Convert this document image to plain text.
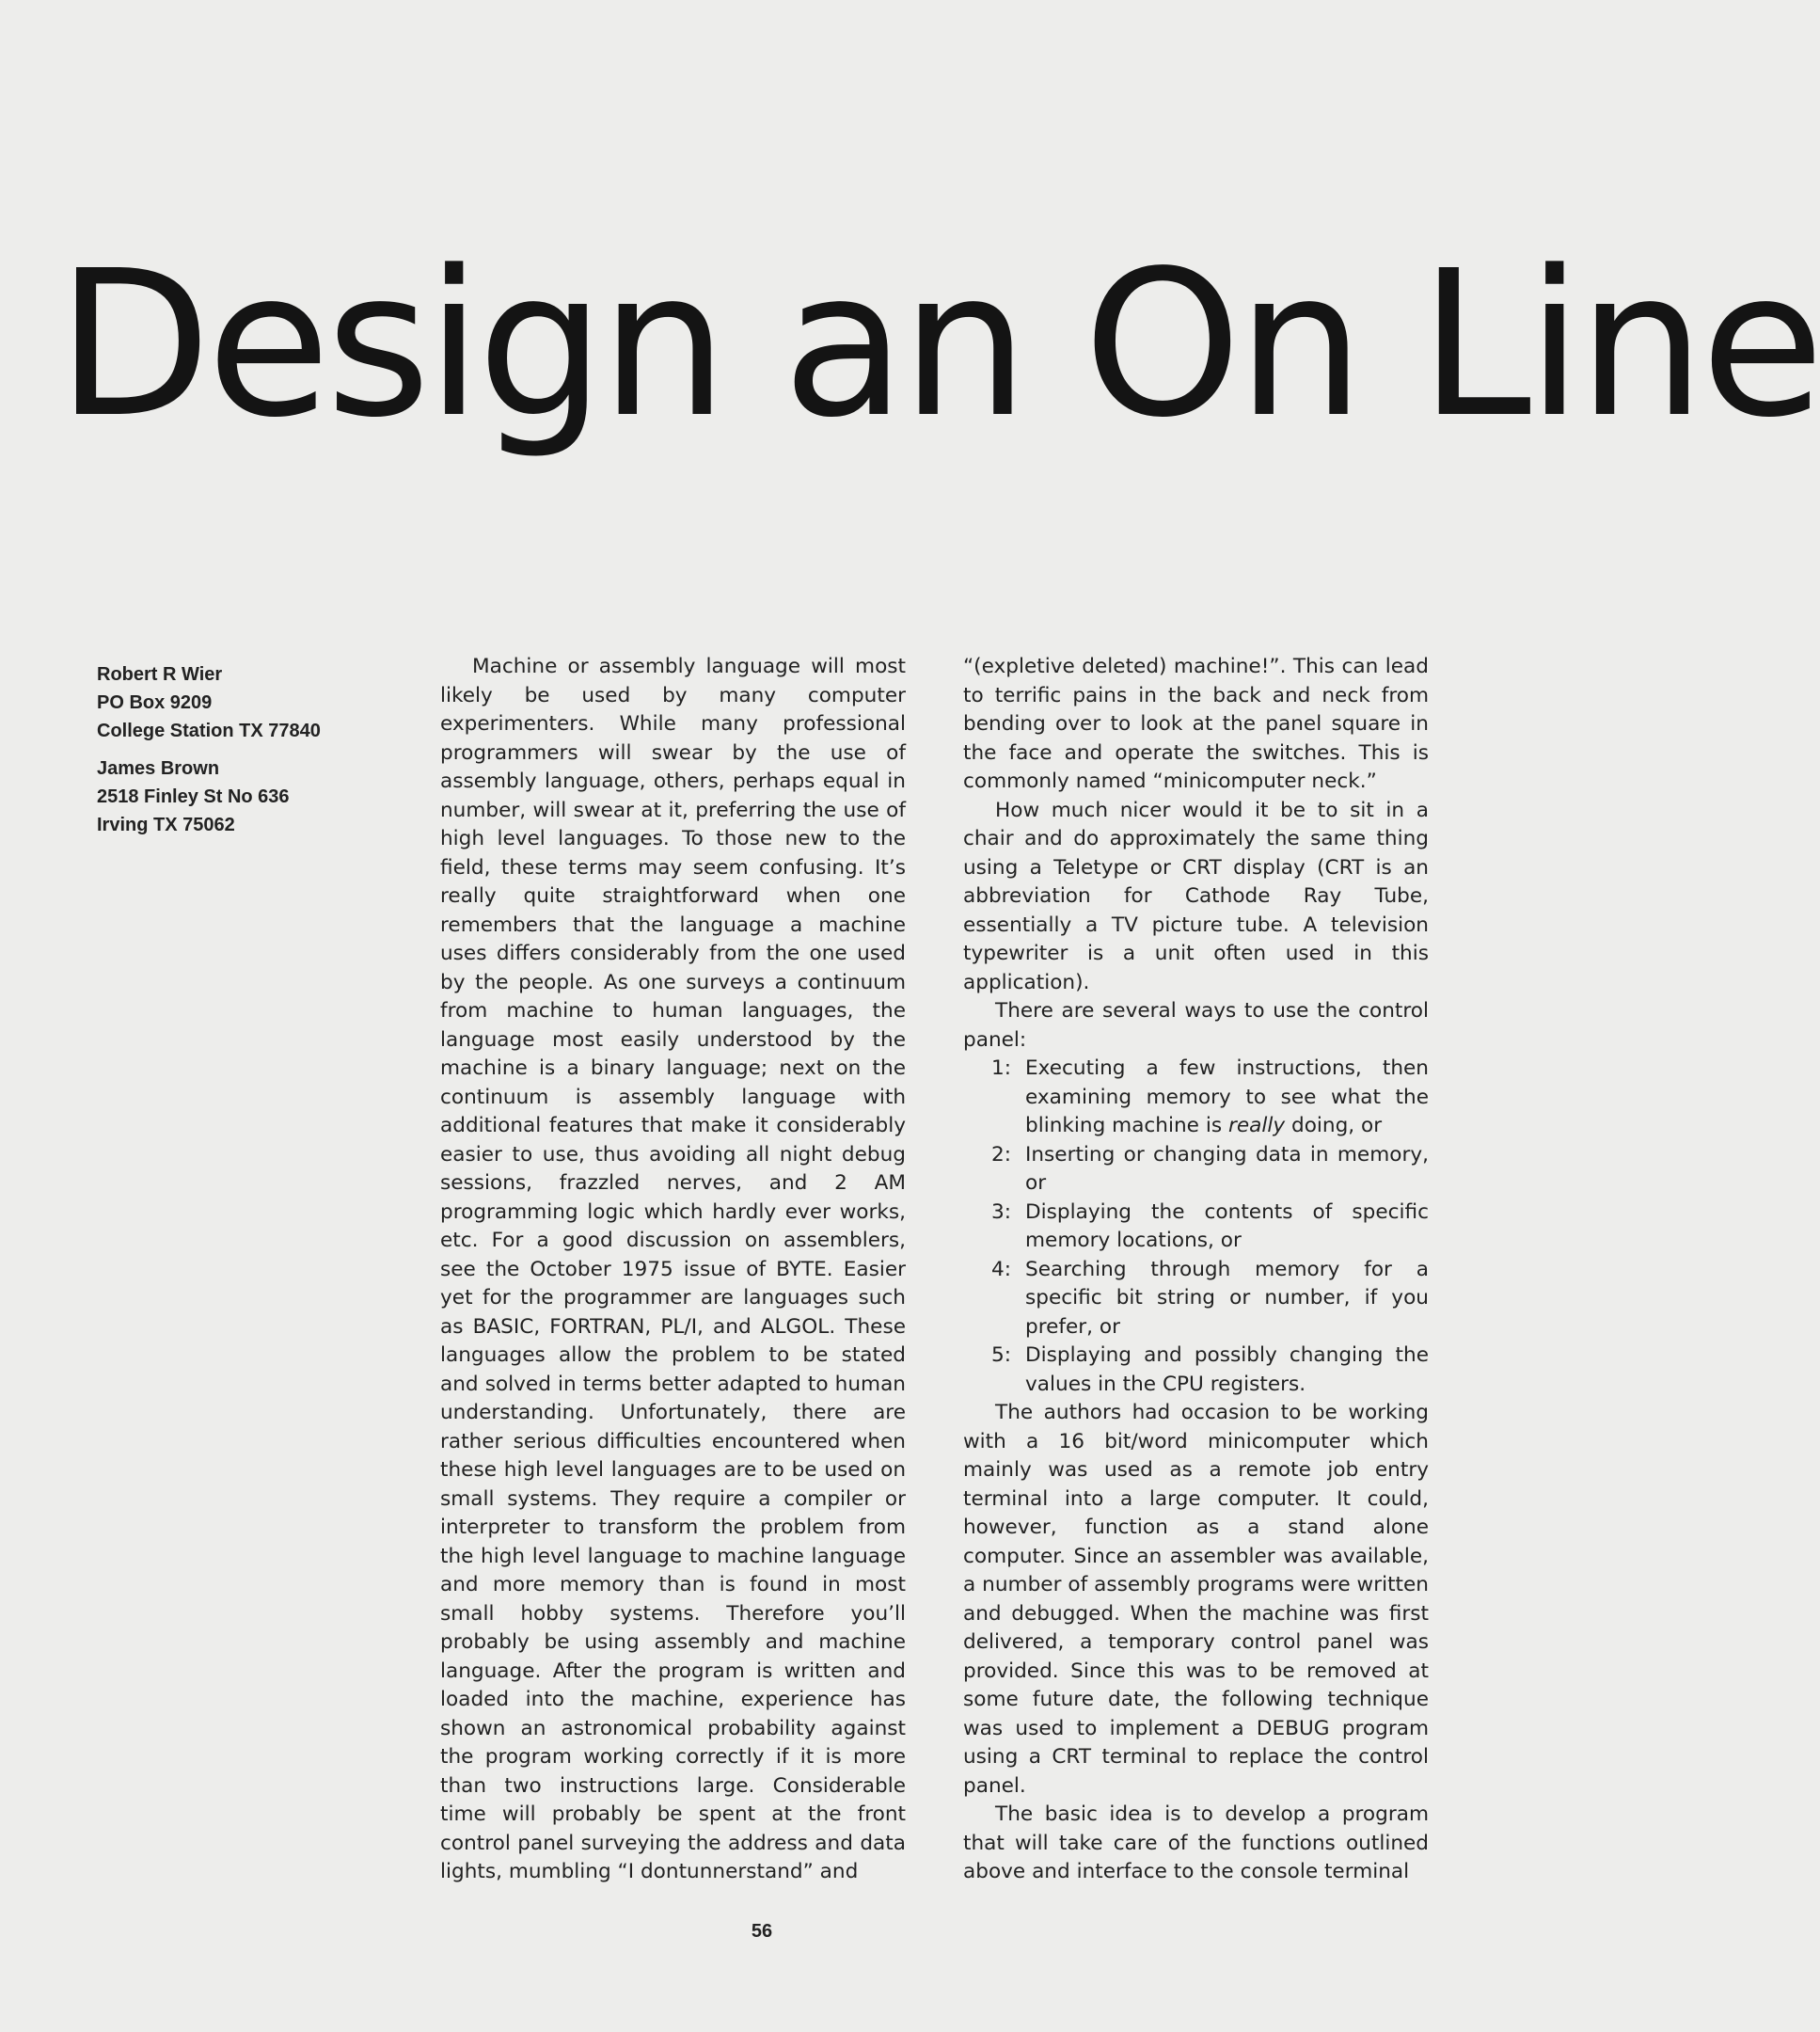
Design an On Line
Robert R Wier
PO Box 9209
College Station TX 77840
James Brown
2518 Finley St No 636
Irving TX 75062

Machine or assembly language will most likely be used by many computer experimenters. While many professional programmers will swear by the use of assembly language, others, perhaps equal in number, will swear at it, preferring the use of high level languages. To those new to the field, these terms may seem confusing. It’s really quite straightforward when one remembers that the language a machine uses differs considerably from the one used by the people. As one surveys a continuum from machine to human languages, the language most easily understood by the machine is a binary language; next on the continuum is assembly language with additional features that make it considerably easier to use, thus avoiding all night debug sessions, frazzled nerves, and 2 AM programming logic which hardly ever works, etc. For a good discussion on assemblers, see the October 1975 issue of BYTE. Easier yet for the programmer are languages such as BASIC, FORTRAN, PL/I, and ALGOL. These languages allow the problem to be stated and solved in terms better adapted to human understanding. Unfortunately, there are rather serious difficulties encountered when these high level languages are to be used on small systems. They require a compiler or interpreter to transform the problem from the high level language to machine language and more memory than is found in most small hobby systems. Therefore you’ll probably be using assembly and machine language. After the program is written and loaded into the machine, experience has shown an astronomical probability against the program working correctly if it is more than two instructions large. Considerable time will probably be spent at the front control panel surveying the address and data lights, mumbling “I dontunnerstand” and

“(expletive deleted) machine!”. This can lead to terrific pains in the back and neck from bending over to look at the panel square in the face and operate the switches. This is commonly named “minicomputer neck.”

How much nicer would it be to sit in a chair and do approximately the same thing using a Teletype or CRT display (CRT is an abbreviation for Cathode Ray Tube, essentially a TV picture tube. A television typewriter is a unit often used in this application).

There are several ways to use the control panel:

1: Executing a few instructions, then examining memory to see what the blinking machine is really doing, or
2: Inserting or changing data in memory, or
3: Displaying the contents of specific memory locations, or
4: Searching through memory for a specific bit string or number, if you prefer, or
5: Displaying and possibly changing the values in the CPU registers.

The authors had occasion to be working with a 16 bit/word minicomputer which mainly was used as a remote job entry terminal into a large computer. It could, however, function as a stand alone computer. Since an assembler was available, a number of assembly programs were written and debugged. When the machine was first delivered, a temporary control panel was provided. Since this was to be removed at some future date, the following technique was used to implement a DEBUG program using a CRT terminal to replace the control panel.

The basic idea is to develop a program that will take care of the functions outlined above and interface to the console terminal

56
